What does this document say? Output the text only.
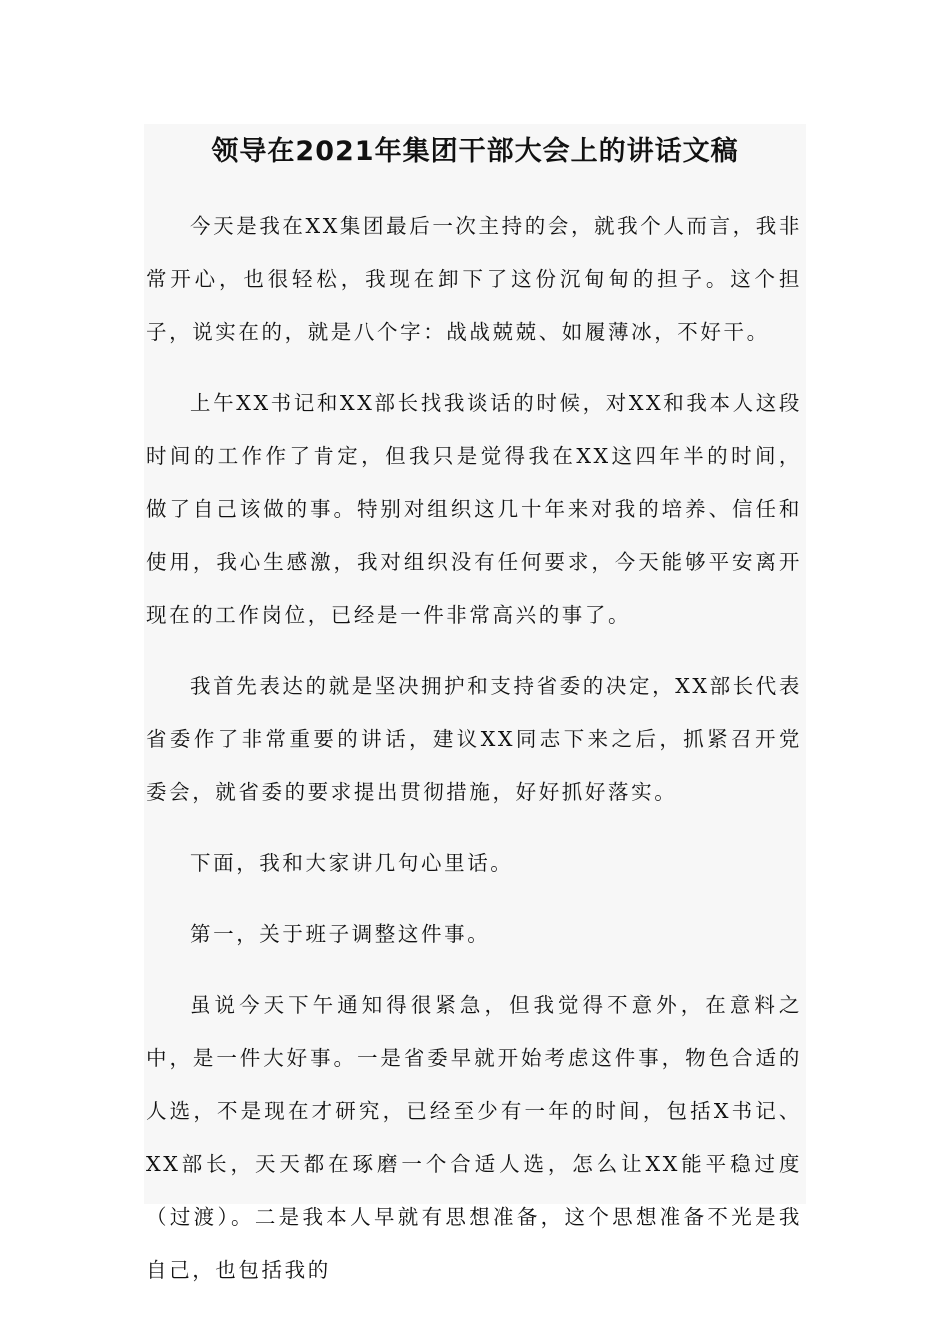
领导在2021年集团干部大会上的讲话文稿

今天是我在XX集团最后一次主持的会，就我个人而言，我非常开心，也很轻松，我现在卸下了这份沉甸甸的担子。这个担子，说实在的，就是八个字：战战兢兢、如履薄冰，不好干。

上午XX书记和XX部长找我谈话的时候，对XX和我本人这段时间的工作作了肯定，但我只是觉得我在XX这四年半的时间，做了自己该做的事。特别对组织这几十年来对我的培养、信任和使用，我心生感激，我对组织没有任何要求，今天能够平安离开现在的工作岗位，已经是一件非常高兴的事了。

我首先表达的就是坚决拥护和支持省委的决定，XX部长代表省委作了非常重要的讲话，建议XX同志下来之后，抓紧召开党委会，就省委的要求提出贯彻措施，好好抓好落实。

下面，我和大家讲几句心里话。

第一，关于班子调整这件事。

虽说今天下午通知得很紧急，但我觉得不意外，在意料之中，是一件大好事。一是省委早就开始考虑这件事，物色合适的人选，不是现在才研究，已经至少有一年的时间，包括X书记、XX部长，天天都在琢磨一个合适人选，怎么让XX能平稳过度（过渡）。二是我本人早就有思想准备，这个思想准备不光是我自己，也包括我的
